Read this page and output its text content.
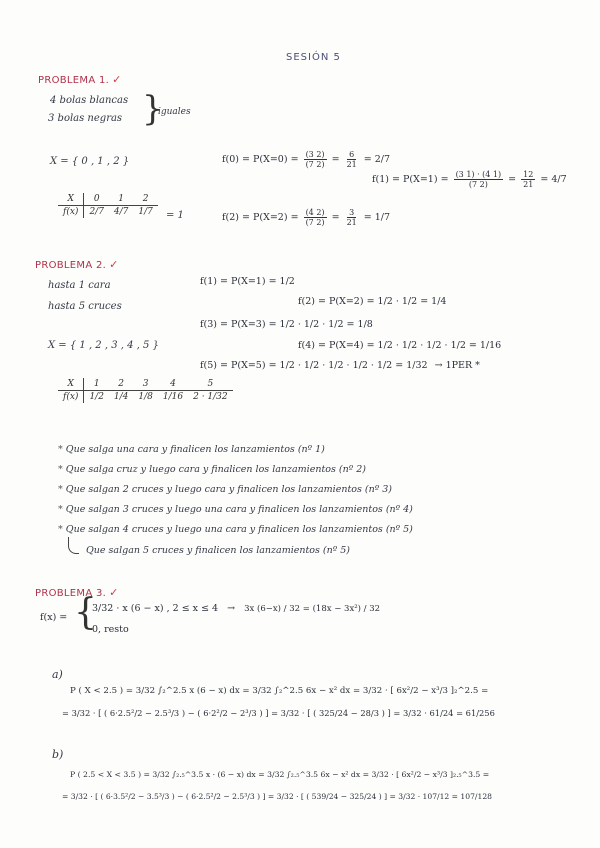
SESIÓN 5
PROBLEMA 1. ✓
4 bolas blancas
3 bolas negras }
iguales
X = { 0 , 1 , 2 }	$f(0) = P(X=0) = \frac{(3 2)}{(7 2)} = \frac{6}{21} = 2/7$
$f(1) = P(X=1) = \frac{(3 1) \cdot (4 1)}{(7 2)} = \frac{12}{21} = 4/7$
X	0	1	2
f(x)	2/7	4/7	1/7 = 1	$f(2) = P(X=2) = \frac{(4 2)}{(7 2)} = \frac{3}{21} = 1/7$
PROBLEMA 2. ✓
hasta 1 cara
hasta 5 cruces
X = { 1 , 2 , 3 , 4 , 5 }
f(1) = P(X=1) = 1/2
f(2) = P(X=2) = 1/2 · 1/2 = 1/4
f(3) = P(X=3) = 1/2 · 1/2 · 1/2 = 1/8
f(4) = P(X=4) = 1/2 · 1/2 · 1/2 · 1/2 = 1/16
f(5) = P(X=5) = 1/2 · 1/2 · 1/2 · 1/2 · 1/2 = 1/32 → 1PER *
X	1	2	3	4	5
f(x)	1/2	1/4	1/8	1/16	2 · 1/32
* Que salga una cara y finalicen los lanzamientos (nº 1)
* Que salga cruz y luego cara y finalicen los lanzamientos (nº 2)
* Que salgan 2 cruces y luego cara y finalicen los lanzamientos (nº 3)
* Que salgan 3 cruces y luego una cara y finalicen los lanzamientos (nº 4)
* Que salgan 4 cruces y luego una cara y finalicen los lanzamientos (nº 5)
Que salgan 5 cruces y finalicen los lanzamientos (nº 5)
PROBLEMA 3. ✓
f(x) = {
3/32 · x (6 − x) , 2 ≤ x ≤ 4 → 3x (6−x) / 32 = (18x − 3x²) / 32
0, resto
a)
P ( X < 2.5 ) = 3/32 ∫₂^2.5 x (6 − x) dx = 3/32 ∫₂^2.5 6x − x² dx = 3/32 · [ 6x²/2 − x³/3 ]₂^2.5 =
= 3/32 · [ ( 6·2.5²/2 − 2.5³/3 ) − ( 6·2²/2 − 2³/3 ) ] = 3/32 · [ ( 325/24 − 28/3 ) ] = 3/32 · 61/24 = 61/256
b)
P ( 2.5 < X < 3.5 ) = 3/32 ∫₂.₅^3.5 x · (6 − x) dx = 3/32 ∫₂.₅^3.5 6x − x² dx = 3/32 · [ 6x²/2 − x³/3 ]₂.₅^3.5 =
= 3/32 · [ ( 6·3.5²/2 − 3.5³/3 ) − ( 6·2.5²/2 − 2.5³/3 ) ] = 3/32 · [ ( 539/24 − 325/24 ) ] = 3/32 · 107/12 = 107/128
